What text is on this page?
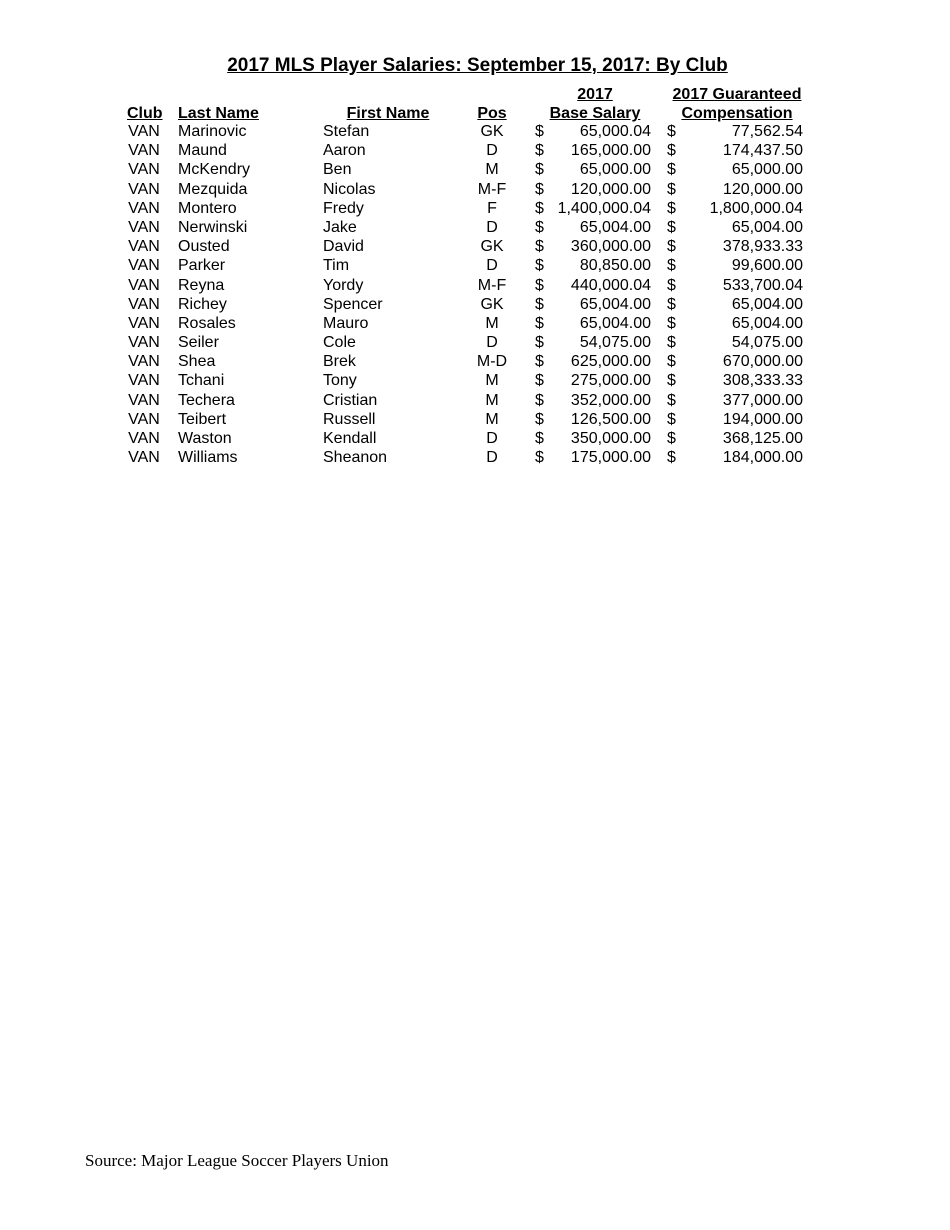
2017 MLS Player Salaries: September 15, 2017: By Club
2017	2017 Guaranteed
Club Last Name	First Name	Pos	Base Salary	Compensation
VAN Marinovic	Stefan	GK	$	65,000.04 $	77,562.54
VAN Maund	Aaron	D	$	165,000.00 $	174,437.50
VAN McKendry	Ben	M	$	65,000.00 $	65,000.00
VAN Mezquida	Nicolas	M-F	$	120,000.00 $	120,000.00
VAN Montero	Fredy	F	$ 1,400,000.04 $	1,800,000.04
VAN Nerwinski	Jake	D	$	65,004.00 $	65,004.00
VAN Ousted	David	GK	$	360,000.00 $	378,933.33
VAN Parker	Tim	D	$	80,850.00 $	99,600.00
VAN Reyna	Yordy	M-F	$	440,000.04 $	533,700.04
VAN Richey	Spencer	GK	$	65,004.00 $	65,004.00
VAN Rosales	Mauro	M	$	65,004.00 $	65,004.00
VAN Seiler	Cole	D	$	54,075.00 $	54,075.00
VAN Shea	Brek	M-D	$	625,000.00 $	670,000.00
VAN Tchani	Tony	M	$	275,000.00 $	308,333.33
VAN Techera	Cristian	M	$	352,000.00 $	377,000.00
VAN Teibert	Russell	M	$	126,500.00 $	194,000.00
VAN Waston	Kendall	D	$	350,000.00 $	368,125.00
VAN Williams	Sheanon	D	$	175,000.00 $	184,000.00
Source: Major League Soccer Players Union
